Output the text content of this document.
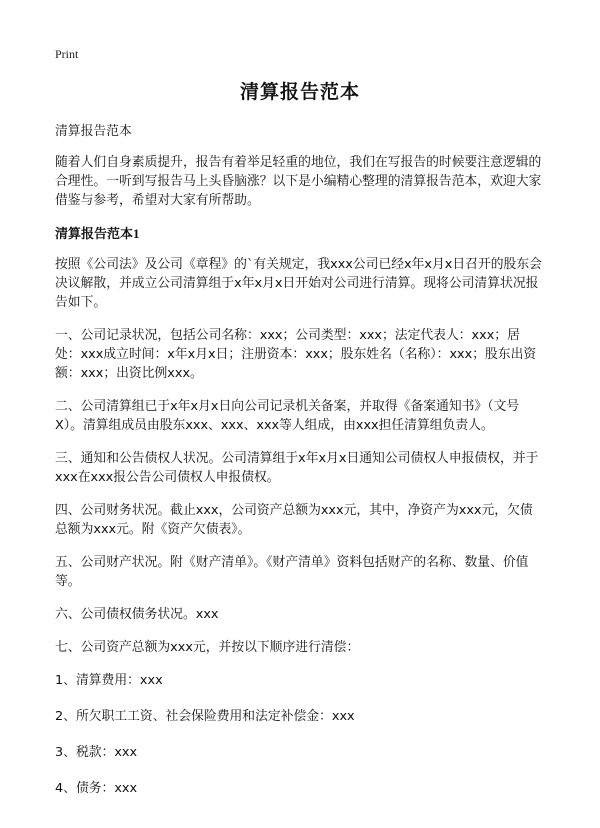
Print
清算报告范本

清算报告范本

随着人们自身素质提升，报告有着举足轻重的地位，我们在写报告的时候要注意逻辑的合理性。一听到写报告马上头昏脑涨？以下是小编精心整理的清算报告范本，欢迎大家借鉴与参考，希望对大家有所帮助。

清算报告范本1

按照《公司法》及公司《章程》的`有关规定，我xxx公司已经x年x月x日召开的股东会决议解散，并成立公司清算组于x年x月x日开始对公司进行清算。现将公司清算状况报告如下。

一、公司记录状况，包括公司名称：xxx；公司类型：xxx；法定代表人：xxx；居处：xxx成立时间：x年x月x日；注册资本：xxx；股东姓名（名称）：xxx；股东出资额：xxx；出资比例xxx。

二、公司清算组已于x年x月x日向公司记录机关备案，并取得《备案通知书》（文号X）。清算组成员由股东xxx、xxx、xxx等人组成，由xxx担任清算组负责人。

三、通知和公告债权人状况。公司清算组于x年x月x日通知公司债权人申报债权，并于xxx在xxx报公告公司债权人申报债权。

四、公司财务状况。截止xxx，公司资产总额为xxx元，其中，净资产为xxx元，欠债总额为xxx元。附《资产欠债表》。

五、公司财产状况。附《财产清单》。《财产清单》资料包括财产的名称、数量、价值等。

六、公司债权债务状况。xxx

七、公司资产总额为xxx元，并按以下顺序进行清偿：

1、清算费用：xxx

2、所欠职工工资、社会保险费用和法定补偿金：xxx

3、税款：xxx

4、债务：xxx
